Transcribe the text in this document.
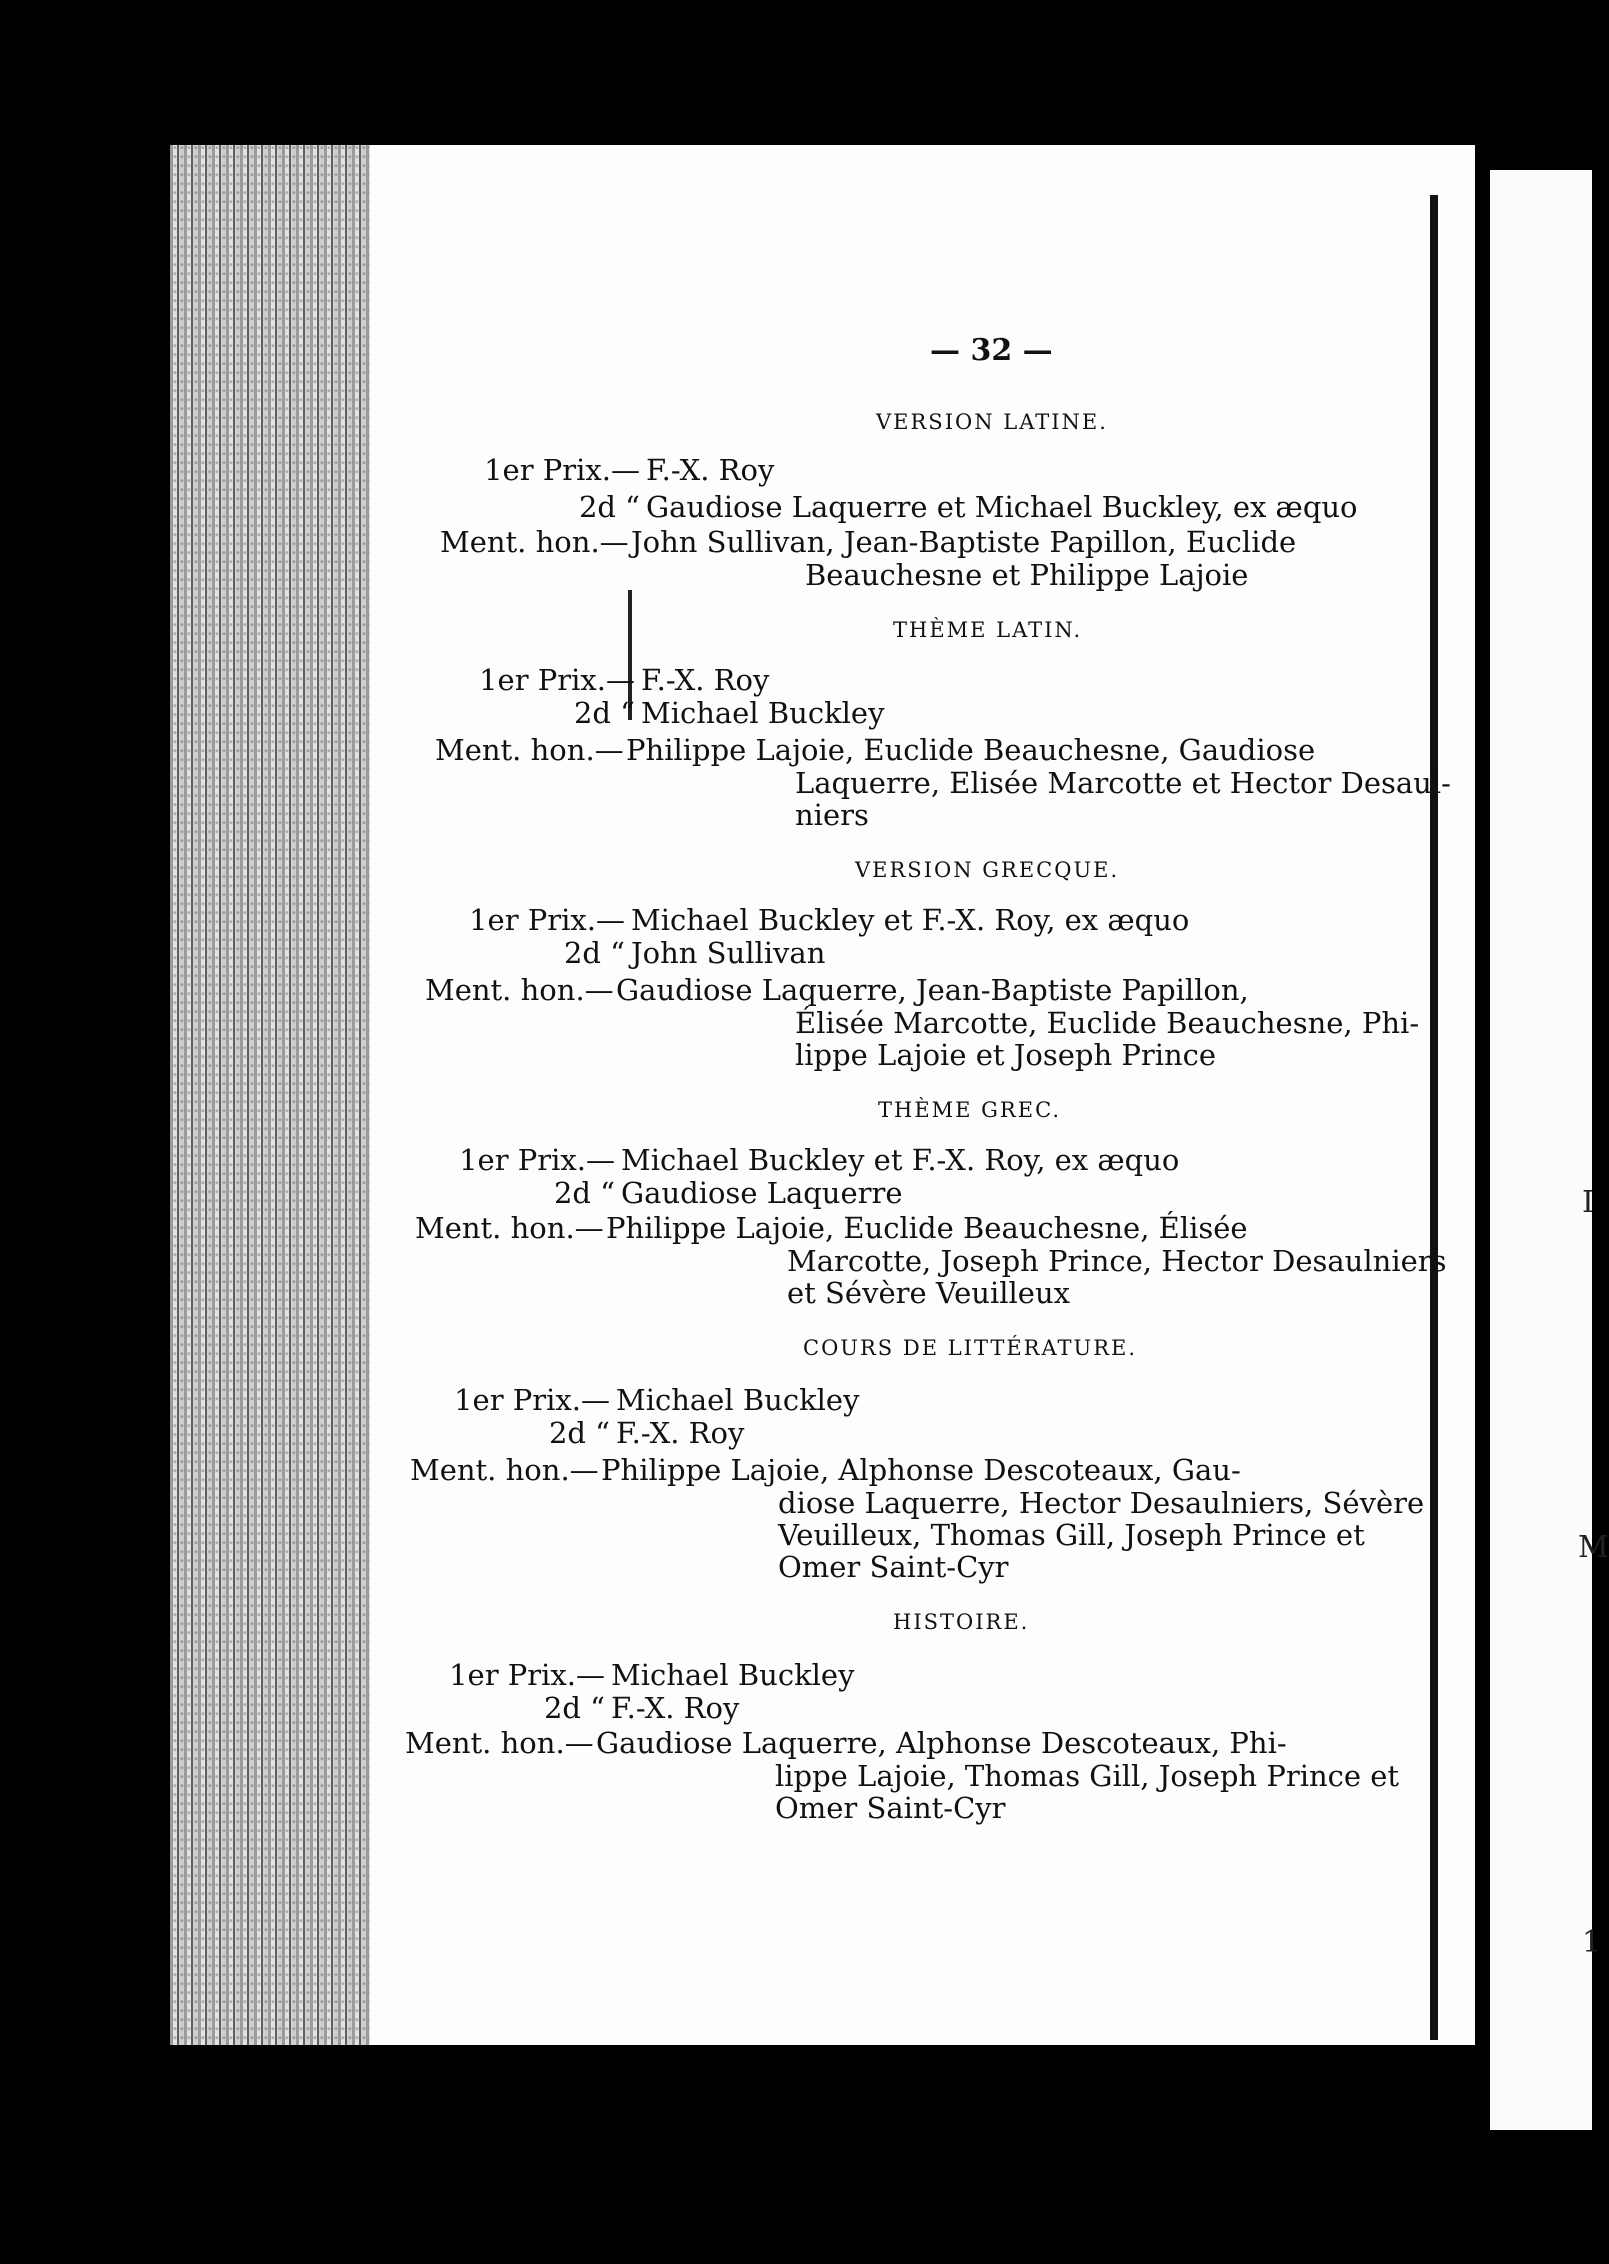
I
M
1
— 32 —
VERSION LATINE.
1er Prix.— F.-X. Roy
2d “ Gaudiose Laquerre et Michael Buckley, ex æquo
Ment. hon.—John Sullivan, Jean-Baptiste Papillon, Euclide
Beauchesne et Philippe Lajoie
THÈME LATIN.
1er Prix.— F.-X. Roy
2d “ Michael Buckley
Ment. hon.—Philippe Lajoie, Euclide Beauchesne, Gaudiose
Laquerre, Elisée Marcotte et Hector Desaul-
niers
VERSION GRECQUE.
1er Prix.— Michael Buckley et F.-X. Roy, ex æquo
2d “ John Sullivan
Ment. hon.—Gaudiose Laquerre, Jean-Baptiste Papillon,
Élisée Marcotte, Euclide Beauchesne, Phi-
lippe Lajoie et Joseph Prince
THÈME GREC.
1er Prix.— Michael Buckley et F.-X. Roy, ex æquo
2d “ Gaudiose Laquerre
Ment. hon.—Philippe Lajoie, Euclide Beauchesne, Élisée
Marcotte, Joseph Prince, Hector Desaulniers
et Sévère Veuilleux
COURS DE LITTÉRATURE.
1er Prix.— Michael Buckley
2d “ F.-X. Roy
Ment. hon.—Philippe Lajoie, Alphonse Descoteaux, Gau-
diose Laquerre, Hector Desaulniers, Sévère
Veuilleux, Thomas Gill, Joseph Prince et
Omer Saint-Cyr
HISTOIRE.
1er Prix.— Michael Buckley
2d “ F.-X. Roy
Ment. hon.—Gaudiose Laquerre, Alphonse Descoteaux, Phi-
lippe Lajoie, Thomas Gill, Joseph Prince et
Omer Saint-Cyr
